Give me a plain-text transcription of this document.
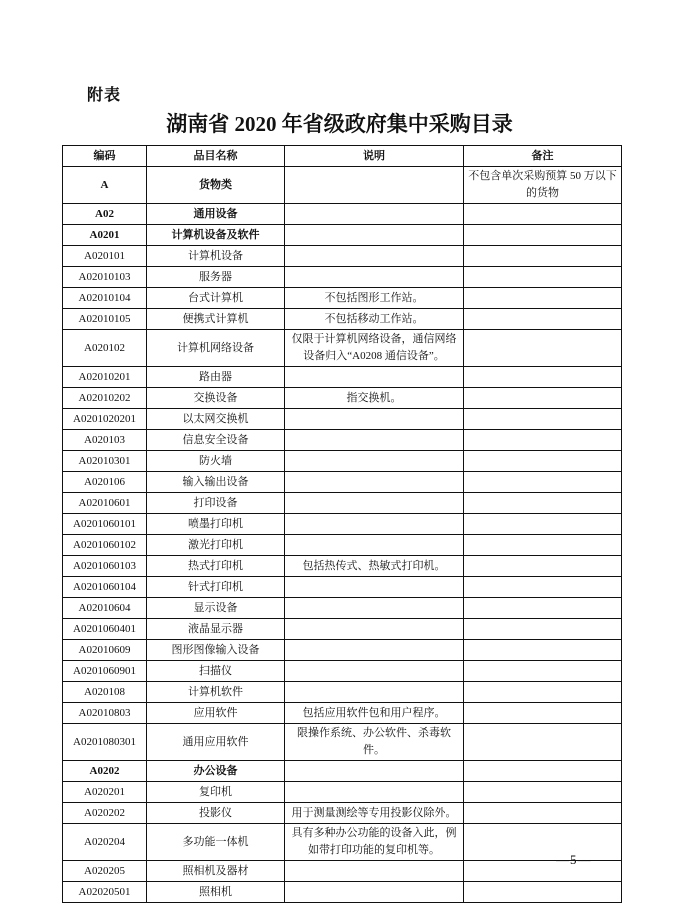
附表
湖南省 2020 年省级政府集中采购目录
编码	品目名称	说明	备注
A	货物类		不包含单次采购预算 50 万以下的货物
A02	通用设备		
A0201	计算机设备及软件		
A020101	计算机设备		
A02010103	服务器		
A02010104	台式计算机	不包括图形工作站。	
A02010105	便携式计算机	不包括移动工作站。	
A020102	计算机网络设备	仅限于计算机网络设备，通信网络设备归入“A0208 通信设备”。	
A02010201	路由器		
A02010202	交换设备	指交换机。	
A0201020201	以太网交换机		
A020103	信息安全设备		
A02010301	防火墙		
A020106	输入输出设备		
A02010601	打印设备		
A0201060101	喷墨打印机		
A0201060102	激光打印机		
A0201060103	热式打印机	包括热传式、热敏式打印机。	
A0201060104	针式打印机		
A02010604	显示设备		
A0201060401	液晶显示器		
A02010609	图形图像输入设备		
A0201060901	扫描仪		
A020108	计算机软件		
A02010803	应用软件	包括应用软件包和用户程序。	
A0201080301	通用应用软件	限操作系统、办公软件、杀毒软件。	
A0202	办公设备		
A020201	复印机		
A020202	投影仪	用于测量测绘等专用投影仪除外。	
A020204	多功能一体机	具有多种办公功能的设备入此，例如带打印功能的复印机等。	
A020205	照相机及器材		
A02020501	照相机		
—5—
